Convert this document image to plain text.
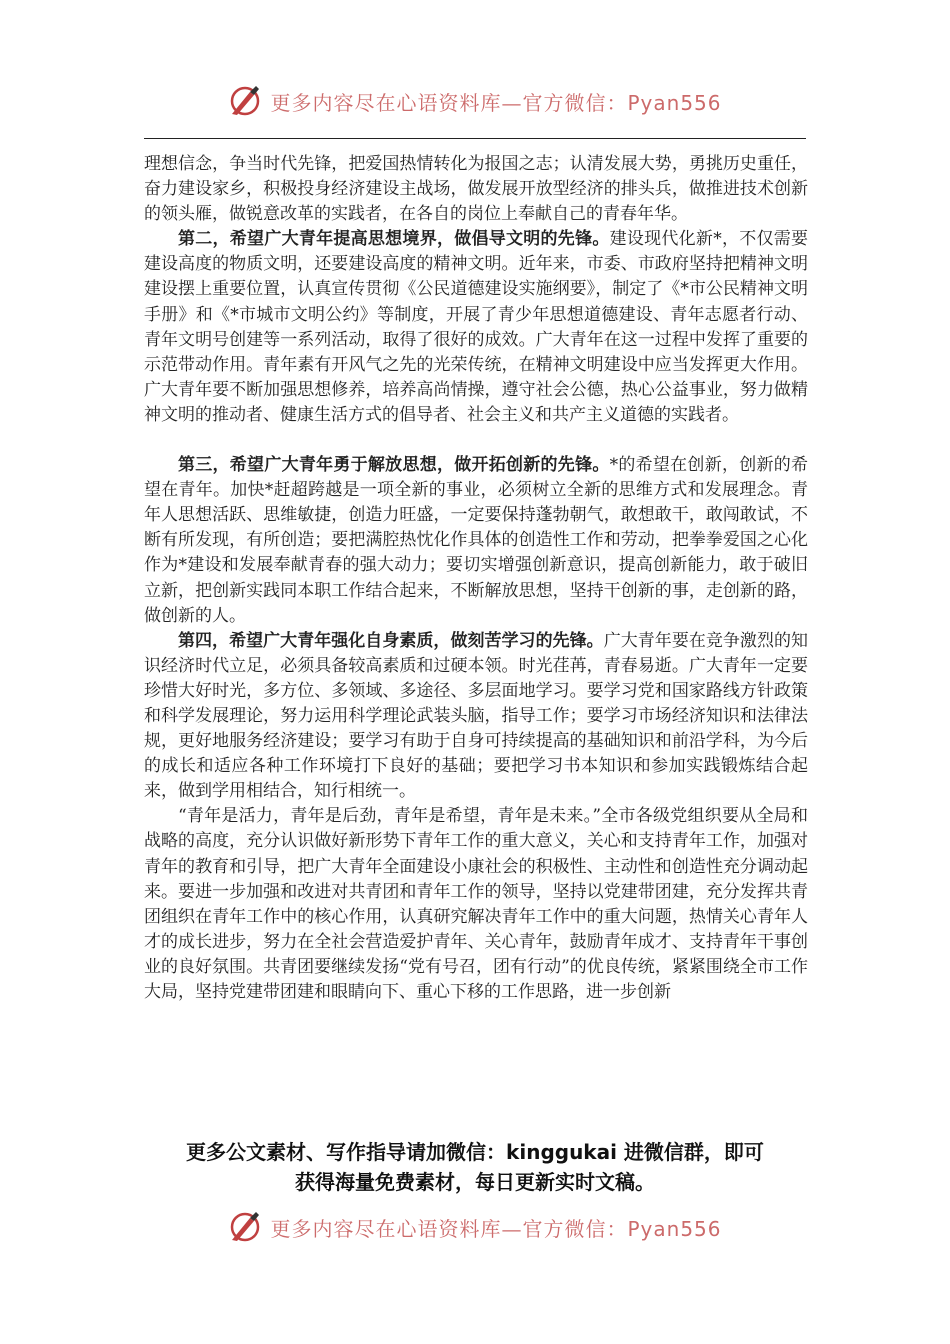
更多内容尽在心语资料库—官方微信：Pyan556

理想信念，争当时代先锋，把爱国热情转化为报国之志；认清发展大势，勇挑历史重任，奋力建设家乡，积极投身经济建设主战场，做发展开放型经济的排头兵，做推进技术创新的领头雁，做锐意改革的实践者，在各自的岗位上奉献自己的青春年华。

第二，希望广大青年提高思想境界，做倡导文明的先锋。建设现代化新*，不仅需要建设高度的物质文明，还要建设高度的精神文明。近年来，市委、市政府坚持把精神文明建设摆上重要位置，认真宣传贯彻《公民道德建设实施纲要》，制定了《*市公民精神文明手册》和《*市城市文明公约》等制度，开展了青少年思想道德建设、青年志愿者行动、青年文明号创建等一系列活动，取得了很好的成效。广大青年在这一过程中发挥了重要的示范带动作用。青年素有开风气之先的光荣传统，在精神文明建设中应当发挥更大作用。广大青年要不断加强思想修养，培养高尚情操，遵守社会公德，热心公益事业，努力做精神文明的推动者、健康生活方式的倡导者、社会主义和共产主义道德的实践者。

第三，希望广大青年勇于解放思想，做开拓创新的先锋。*的希望在创新，创新的希望在青年。加快*赶超跨越是一项全新的事业，必须树立全新的思维方式和发展理念。青年人思想活跃、思维敏捷，创造力旺盛，一定要保持蓬勃朝气，敢想敢干，敢闯敢试，不断有所发现，有所创造；要把满腔热忱化作具体的创造性工作和劳动，把拳拳爱国之心化作为*建设和发展奉献青春的强大动力；要切实增强创新意识，提高创新能力，敢于破旧立新，把创新实践同本职工作结合起来，不断解放思想，坚持干创新的事，走创新的路，做创新的人。

第四，希望广大青年强化自身素质，做刻苦学习的先锋。广大青年要在竞争激烈的知识经济时代立足，必须具备较高素质和过硬本领。时光荏苒，青春易逝。广大青年一定要珍惜大好时光，多方位、多领域、多途径、多层面地学习。要学习党和国家路线方针政策和科学发展理论，努力运用科学理论武装头脑，指导工作；要学习市场经济知识和法律法规，更好地服务经济建设；要学习有助于自身可持续提高的基础知识和前沿学科，为今后的成长和适应各种工作环境打下良好的基础；要把学习书本知识和参加实践锻炼结合起来，做到学用相结合，知行相统一。

“青年是活力，青年是后劲，青年是希望，青年是未来。”全市各级党组织要从全局和战略的高度，充分认识做好新形势下青年工作的重大意义，关心和支持青年工作，加强对青年的教育和引导，把广大青年全面建设小康社会的积极性、主动性和创造性充分调动起来。要进一步加强和改进对共青团和青年工作的领导，坚持以党建带团建，充分发挥共青团组织在青年工作中的核心作用，认真研究解决青年工作中的重大问题，热情关心青年人才的成长进步，努力在全社会营造爱护青年、关心青年，鼓励青年成才、支持青年干事创业的良好氛围。共青团要继续发扬“党有号召，团有行动”的优良传统，紧紧围绕全市工作大局，坚持党建带团建和眼睛向下、重心下移的工作思路，进一步创新

更多公文素材、写作指导请加微信：kinggukai 进微信群，即可
获得海量免费素材，每日更新实时文稿。
更多内容尽在心语资料库—官方微信：Pyan556
